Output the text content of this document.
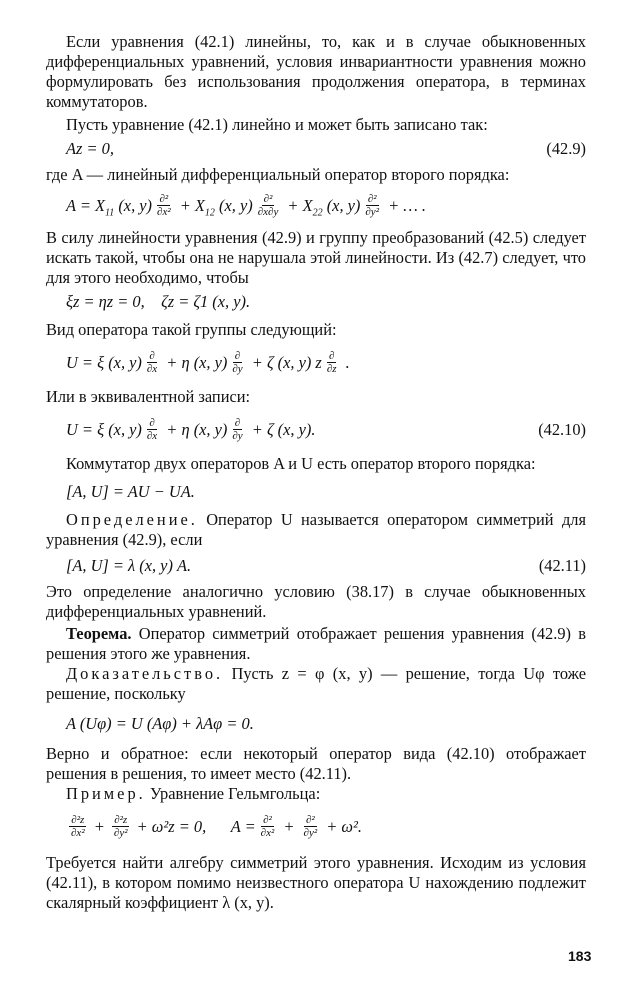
Если уравнения (42.1) линейны, то, как и в случае обыкновенных дифференциальных уравнений, условия инвариантности уравнения можно формулировать без использования продолжения оператора, в терминах коммутаторов.

Пусть уравнение (42.1) линейно и может быть записано так:

Az = 0,	(42.9)

где A — линейный дифференциальный оператор второго порядка:

$A = X_{11}$ (x, $y) \frac{\text{∂²}}{\text{∂x²}} + X_{12}$ (x, $y) \frac{\text{∂²}}{\partial x\partial y} + X_{22}$ (x, $y) \frac{\text{∂²}}{\text{∂y²}}$ + … .

В силу линейности уравнения (42.9) и группу преобразований (42.5) следует искать такой, чтобы она не нарушала этой линейности. Из (42.7) следует, что для этого необходимо, чтобы

ξz = ηz = 0,    ζz = ζ1 (x, y).

Вид оператора такой группы следующий:

U = ξ (x, $y) \frac{\partial}{\partial x} + \eta$ (x, $y) \frac{\partial}{\partial y} + \zeta$ (x, y) z $\frac{\partial}{\partial z}$ .

Или в эквивалентной записи:

U = ξ (x, $y) \frac{\partial}{\partial x} + \eta$ (x, $y) \frac{\partial}{\partial y} + \zeta$ (x, y).	(42.10)

Коммутатор двух операторов A и U есть оператор второго порядка:

[A, U] = AU − UA.

Определение. Оператор U называется оператором симметрий для уравнения (42.9), если

[A, U] = λ (x, y) A.	(42.11)

Это определение аналогично условию (38.17) в случае обыкновенных дифференциальных уравнений.

Теорема. Оператор симметрий отображает решения уравнения (42.9) в решения этого же уравнения.

Доказательство. Пусть z = φ (x, y) — решение, тогда Uφ тоже решение, поскольку

A (Uφ) = U (Aφ) + λAφ = 0.

Верно и обратное: если некоторый оператор вида (42.10) отображает решения в решения, то имеет место (42.11).

Пример. Уравнение Гельмгольца:

$\frac{\text{∂²z}}{\text{∂x²}} + \frac{\text{∂²z}}{\text{∂y²}} + \omega^2z = 0$,      $A = \frac{\text{∂²}}{\text{∂x²}} + \frac{\text{∂²}}{\text{∂y²}} + \omega^2$.

Требуется найти алгебру симметрий этого уравнения. Исходим из условия (42.11), в котором помимо неизвестного оператора U нахождению подлежит скалярный коэффициент λ (x, y).

183
